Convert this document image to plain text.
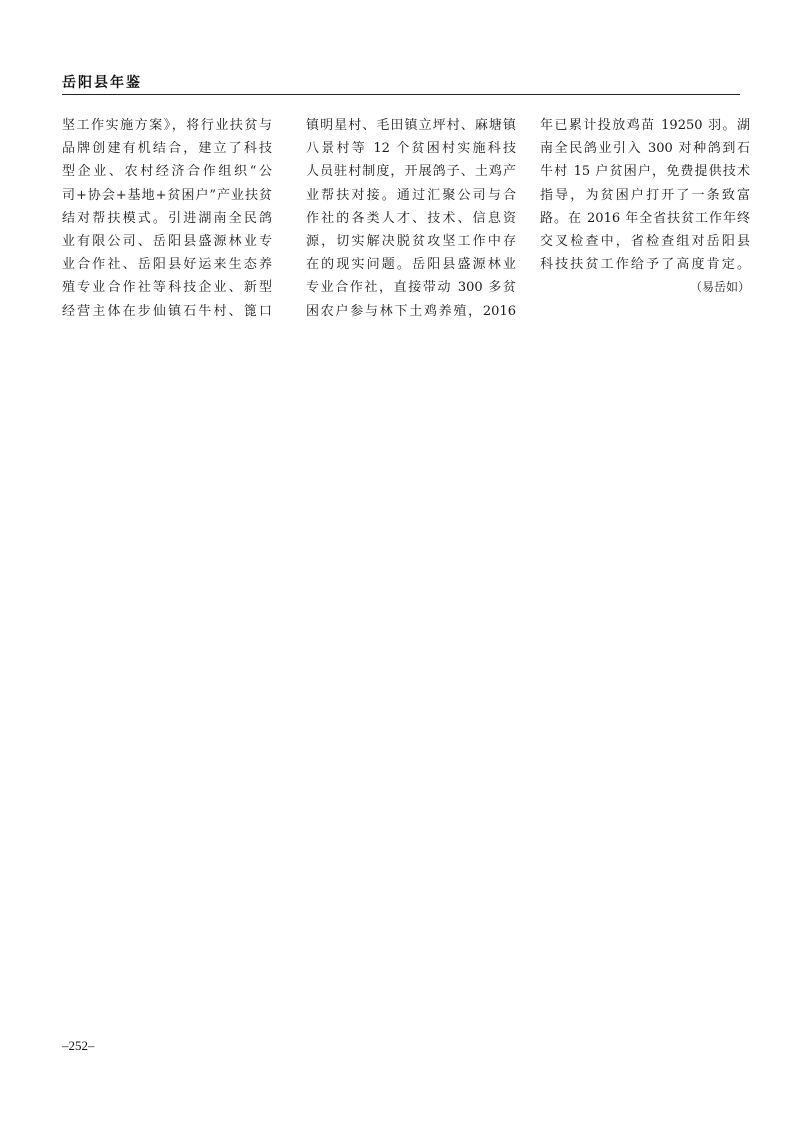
岳阳县年鉴
坚工作实施方案》，将行业扶贫与
品牌创建有机结合，建立了科技
型企业、农村经济合作组织“公
司+协会+基地+贫困户”产业扶贫
结对帮扶模式。引进湖南全民鸽
业有限公司、岳阳县盛源林业专
业合作社、岳阳县好运来生态养
殖专业合作社等科技企业、新型
经营主体在步仙镇石牛村、篦口
镇明星村、毛田镇立坪村、麻塘镇
八景村等 12 个贫困村实施科技
人员驻村制度，开展鸽子、土鸡产
业帮扶对接。通过汇聚公司与合
作社的各类人才、技术、信息资
源，切实解决脱贫攻坚工作中存
在的现实问题。岳阳县盛源林业
专业合作社，直接带动 300 多贫
困农户参与林下土鸡养殖，2016
年已累计投放鸡苗 19250 羽。湖
南全民鸽业引入 300 对种鸽到石
牛村 15 户贫困户，免费提供技术
指导，为贫困户打开了一条致富
路。在 2016 年全省扶贫工作年终
交叉检查中，省检查组对岳阳县
科技扶贫工作给予了高度肯定。
（易岳如）
–252–
